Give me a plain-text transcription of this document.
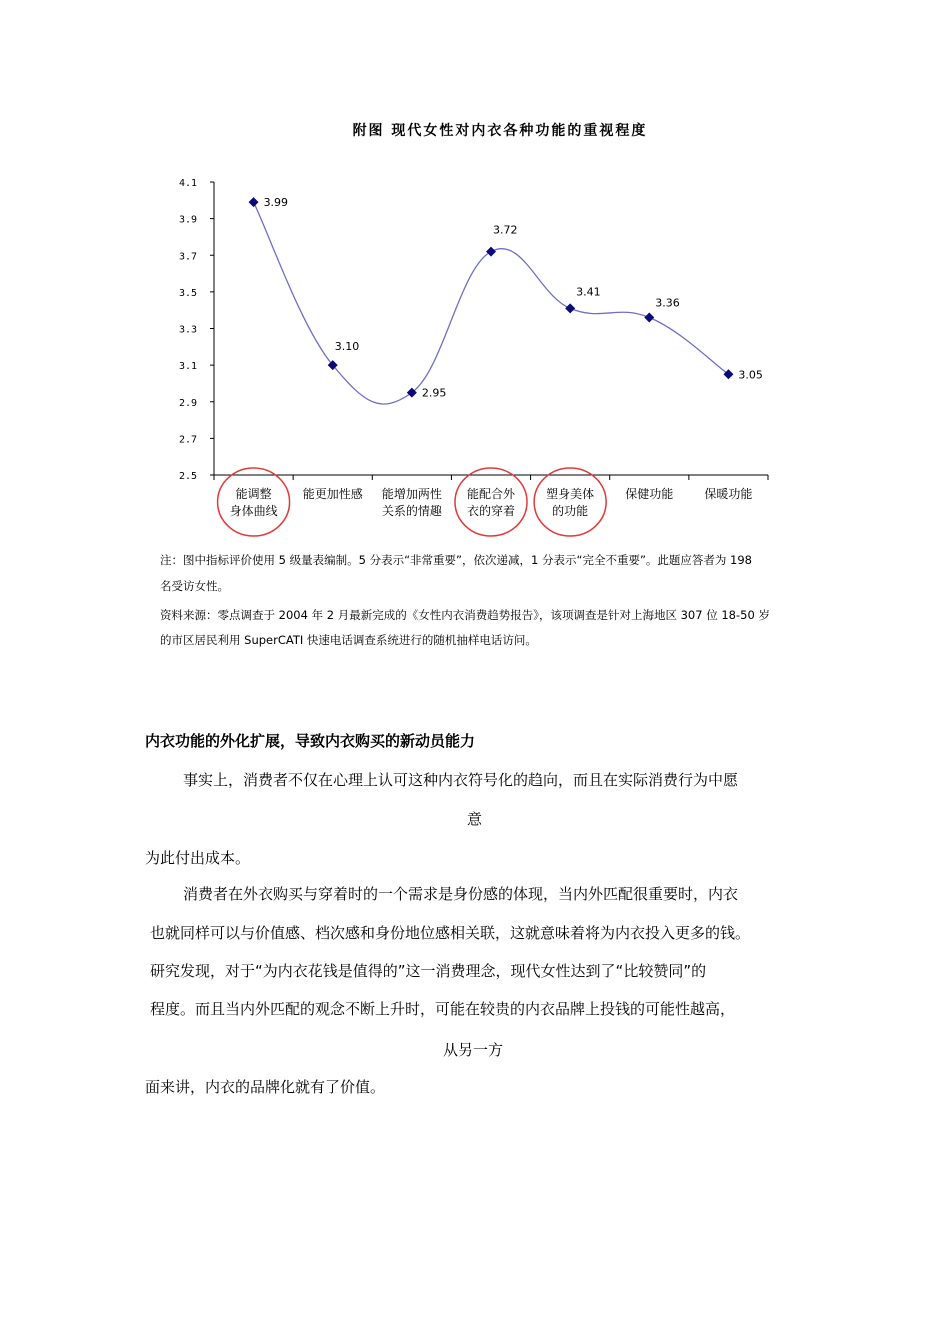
附图 现代女性对内衣各种功能的重视程度
4.1
3.9
3.7
3.5
3.3
3.1
2.9
2.7
2.5
能调整
身体曲线
能更加性感 能增加两性
关系的情趣
能配合外
衣的穿着
塑身美体
的功能
保健功能	保暖功能
3.99
3.10
2.95
3.72
3.41
3.36
3.05
注：图中指标评价使用 5 级量表编制。5 分表示“非常重要”，依次递减，1 分表示“完全不重要”。此题应答者为 198
名受访女性。
资料来源：零点调查于 2004 年 2 月最新完成的《女性内衣消费趋势报告》，该项调查是针对上海地区 307 位 18-50 岁
的市区居民利用 SuperCATI 快速电话调查系统进行的随机抽样电话访问。
内衣功能的外化扩展，导致内衣购买的新动员能力
事实上，消费者不仅在心理上认可这种内衣符号化的趋向，而且在实际消费行为中愿
意
为此付出成本。
消费者在外衣购买与穿着时的一个需求是身份感的体现，当内外匹配很重要时，内衣
也就同样可以与价值感、档次感和身份地位感相关联，这就意味着将为内衣投入更多的钱。
研究发现，对于“为内衣花钱是值得的”这一消费理念，现代女性达到了“比较赞同”的
程度。而且当内外匹配的观念不断上升时，可能在较贵的内衣品牌上投钱的可能性越高，
从另一方
面来讲，内衣的品牌化就有了价值。
